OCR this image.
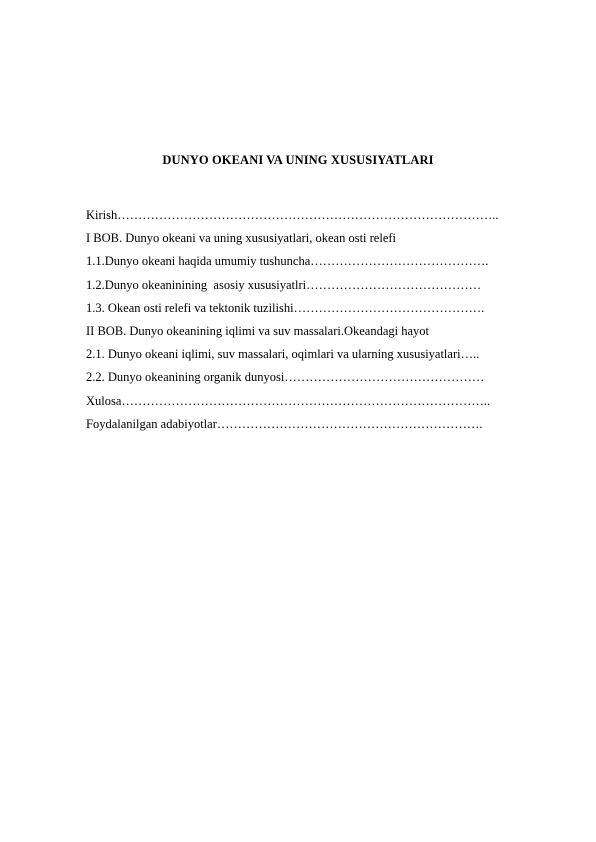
DUNYO OKEANI VA UNING XUSUSIYATLARI
Kirish………………………………………………………………………………..
I BOB. Dunyo okeani va uning xususiyatlari, okean osti relefi
1.1.Dunyo okeani haqida umumiy tushuncha…………………………………….
1.2.Dunyo okeaninining  asosiy xususiyatlri……………………………………
1.3. Okean osti relefi va tektonik tuzilishi……………………………………….
II BOB. Dunyo okeanining iqlimi va suv massalari.Okeandagi hayot
2.1. Dunyo okeani iqlimi, suv massalari, oqimlari va ularning xususiyatlari…..
2.2. Dunyo okeanining organik dunyosi…………………………………………
Xulosa……………………………………………………………………………..
Foydalanilgan adabiyotlar……………………………………………………….
